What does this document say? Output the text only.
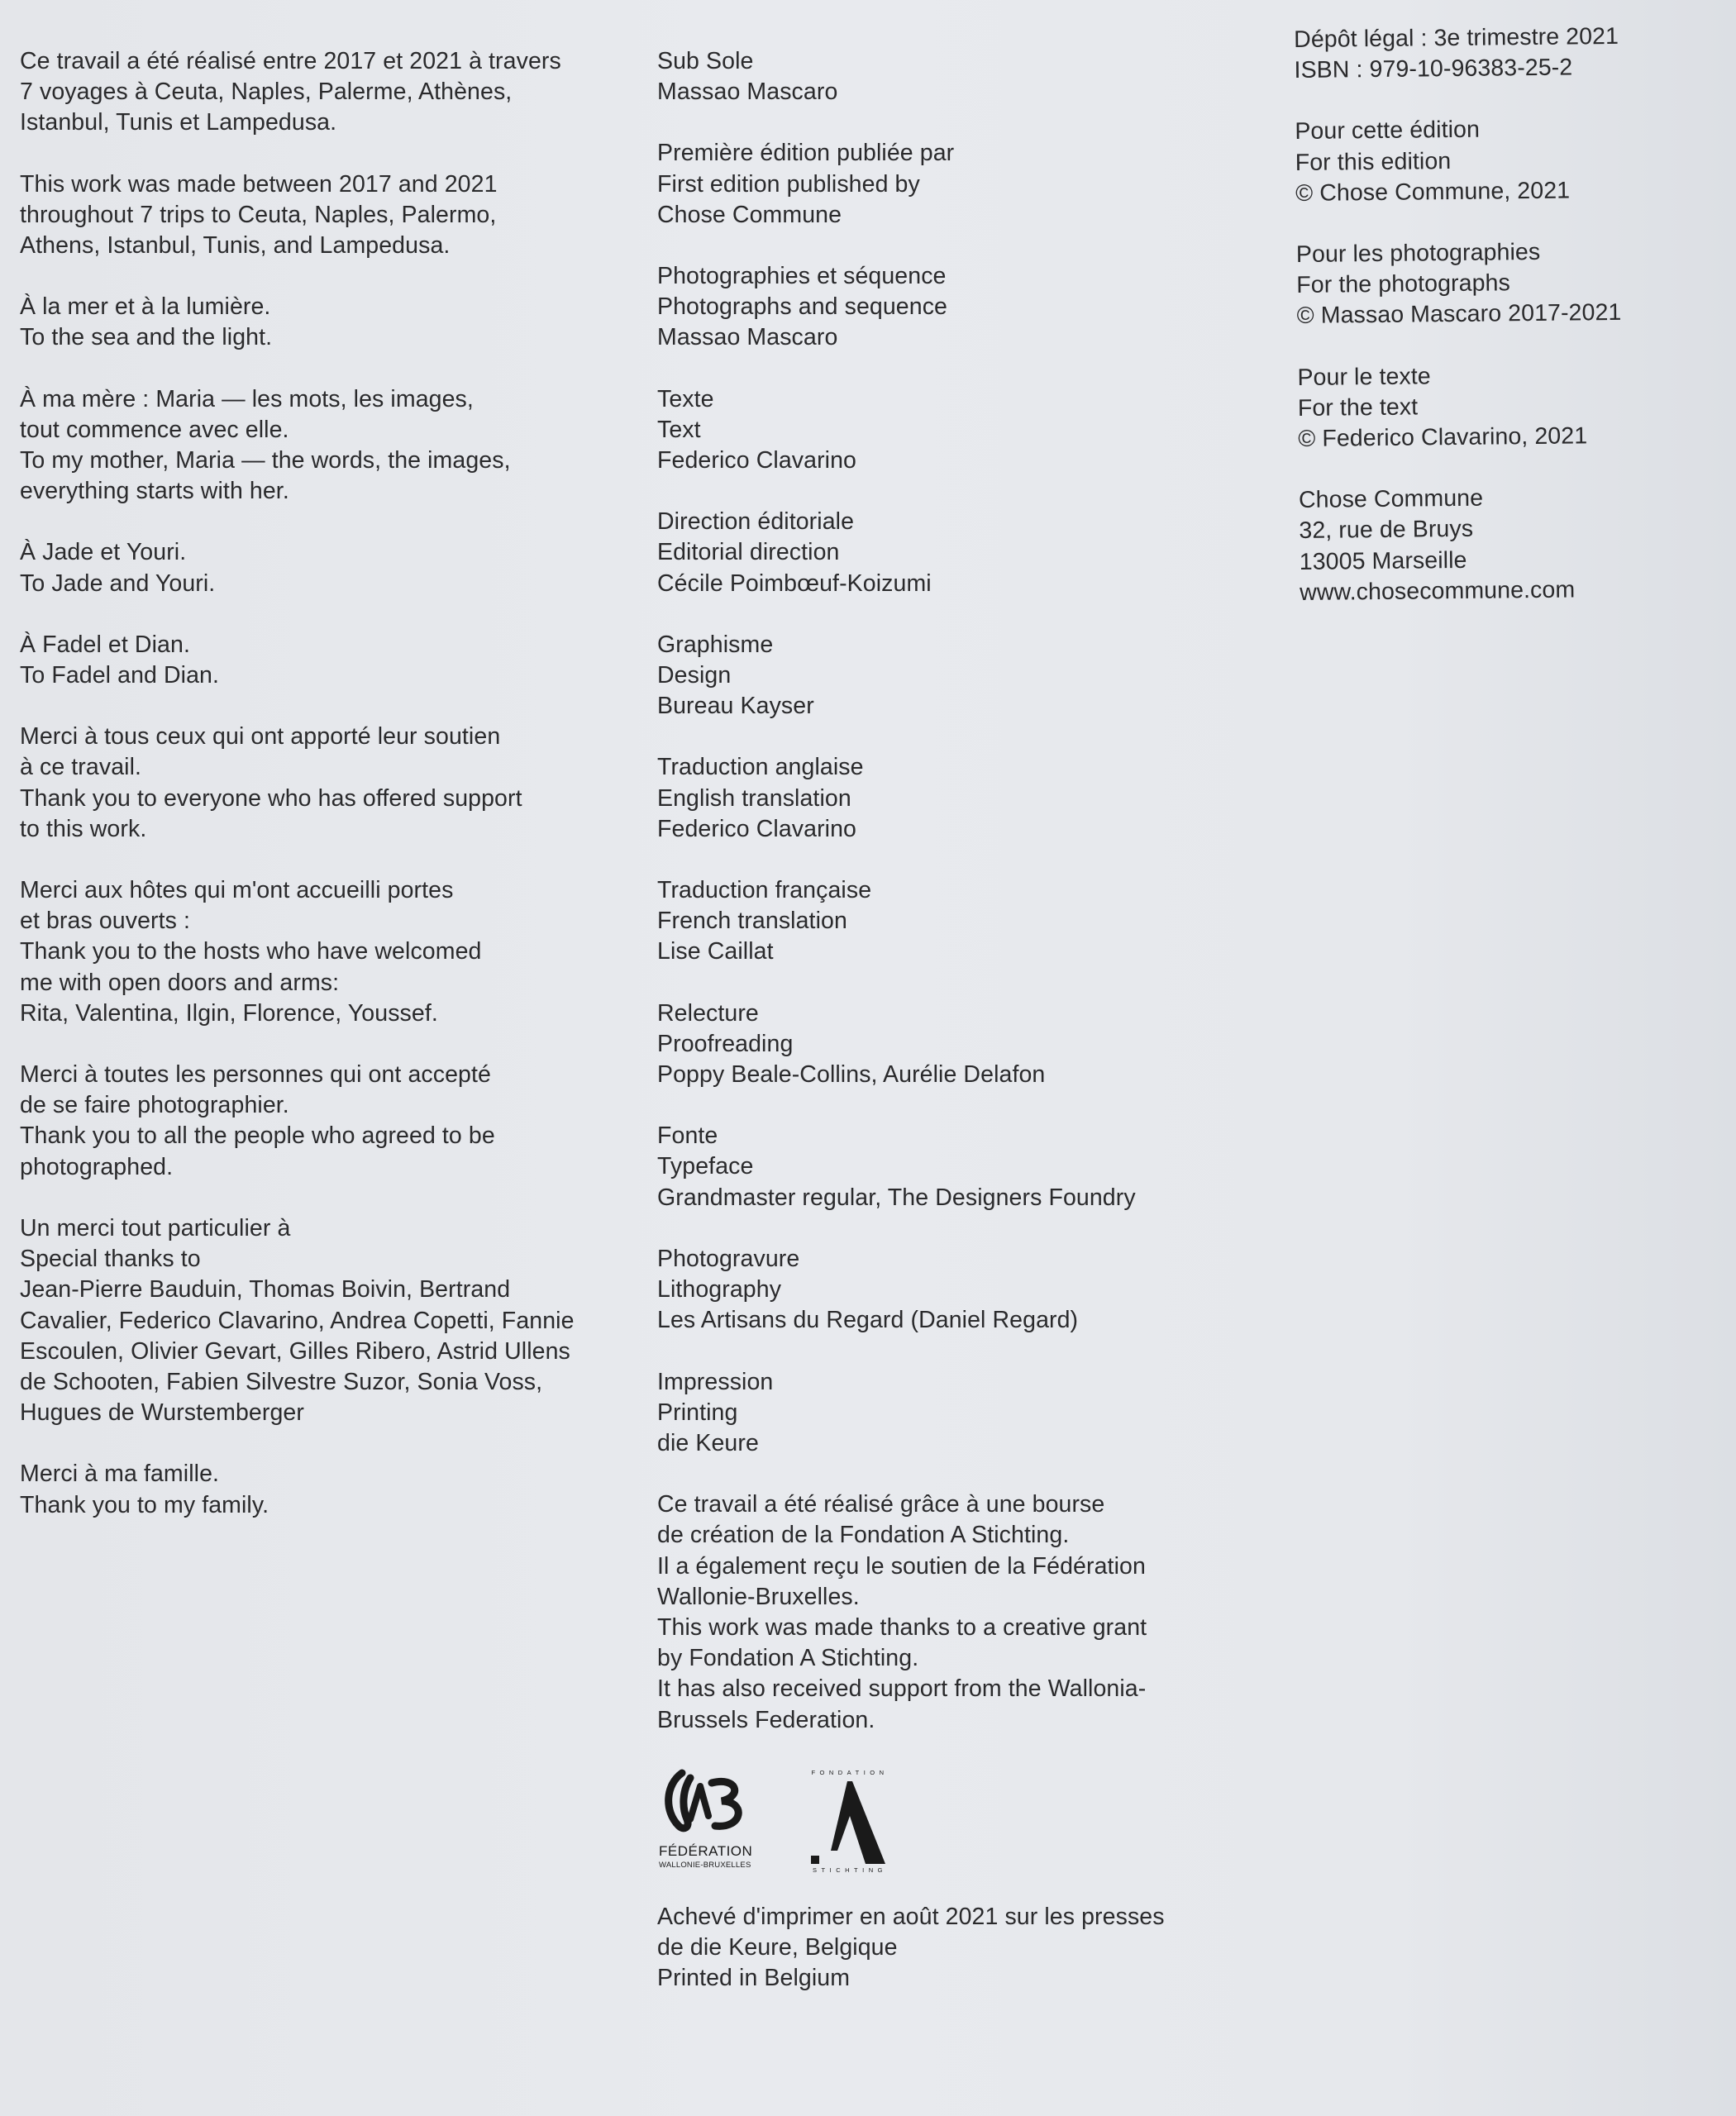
Ce travail a été réalisé entre 2017 et 2021 à travers
7 voyages à Ceuta, Naples, Palerme, Athènes,
Istanbul, Tunis et Lampedusa.
This work was made between 2017 and 2021
throughout 7 trips to Ceuta, Naples, Palermo,
Athens, Istanbul, Tunis, and Lampedusa.
À la mer et à la lumière.
To the sea and the light.
À ma mère : Maria — les mots, les images,
tout commence avec elle.
To my mother, Maria — the words, the images,
everything starts with her.
À Jade et Youri.
To Jade and Youri.
À Fadel et Dian.
To Fadel and Dian.
Merci à tous ceux qui ont apporté leur soutien
à ce travail.
Thank you to everyone who has offered support
to this work.
Merci aux hôtes qui m'ont accueilli portes
et bras ouverts :
Thank you to the hosts who have welcomed
me with open doors and arms:
Rita, Valentina, Ilgin, Florence, Youssef.
Merci à toutes les personnes qui ont accepté
de se faire photographier.
Thank you to all the people who agreed to be
photographed.
Un merci tout particulier à
Special thanks to
Jean-Pierre Bauduin, Thomas Boivin, Bertrand
Cavalier, Federico Clavarino, Andrea Copetti, Fannie
Escoulen, Olivier Gevart, Gilles Ribero, Astrid Ullens
de Schooten, Fabien Silvestre Suzor, Sonia Voss,
Hugues de Wurstemberger
Merci à ma famille.
Thank you to my family.
Sub Sole
Massao Mascaro
Première édition publiée par
First edition published by
Chose Commune
Photographies et séquence
Photographs and sequence
Massao Mascaro
Texte
Text
Federico Clavarino
Direction éditoriale
Editorial direction
Cécile Poimbœuf-Koizumi
Graphisme
Design
Bureau Kayser
Traduction anglaise
English translation
Federico Clavarino
Traduction française
French translation
Lise Caillat
Relecture
Proofreading
Poppy Beale-Collins, Aurélie Delafon
Fonte
Typeface
Grandmaster regular, The Designers Foundry
Photogravure
Lithography
Les Artisans du Regard (Daniel Regard)
Impression
Printing
die Keure
Ce travail a été réalisé grâce à une bourse
de création de la Fondation A Stichting.
Il a également reçu le soutien de la Fédération
Wallonie-Bruxelles.
This work was made thanks to a creative grant
by Fondation A Stichting.
It has also received support from the Wallonia-
Brussels Federation.
FÉDÉRATION
WALLONIE-BRUXELLES
FONDATION
STICHTING
Achevé d'imprimer en août 2021 sur les presses
de die Keure, Belgique
Printed in Belgium
Dépôt légal : 3e trimestre 2021
ISBN : 979-10-96383-25-2
Pour cette édition
For this edition
© Chose Commune, 2021
Pour les photographies
For the photographs
© Massao Mascaro 2017-2021
Pour le texte
For the text
© Federico Clavarino, 2021
Chose Commune
32, rue de Bruys
13005 Marseille
www.chosecommune.com
